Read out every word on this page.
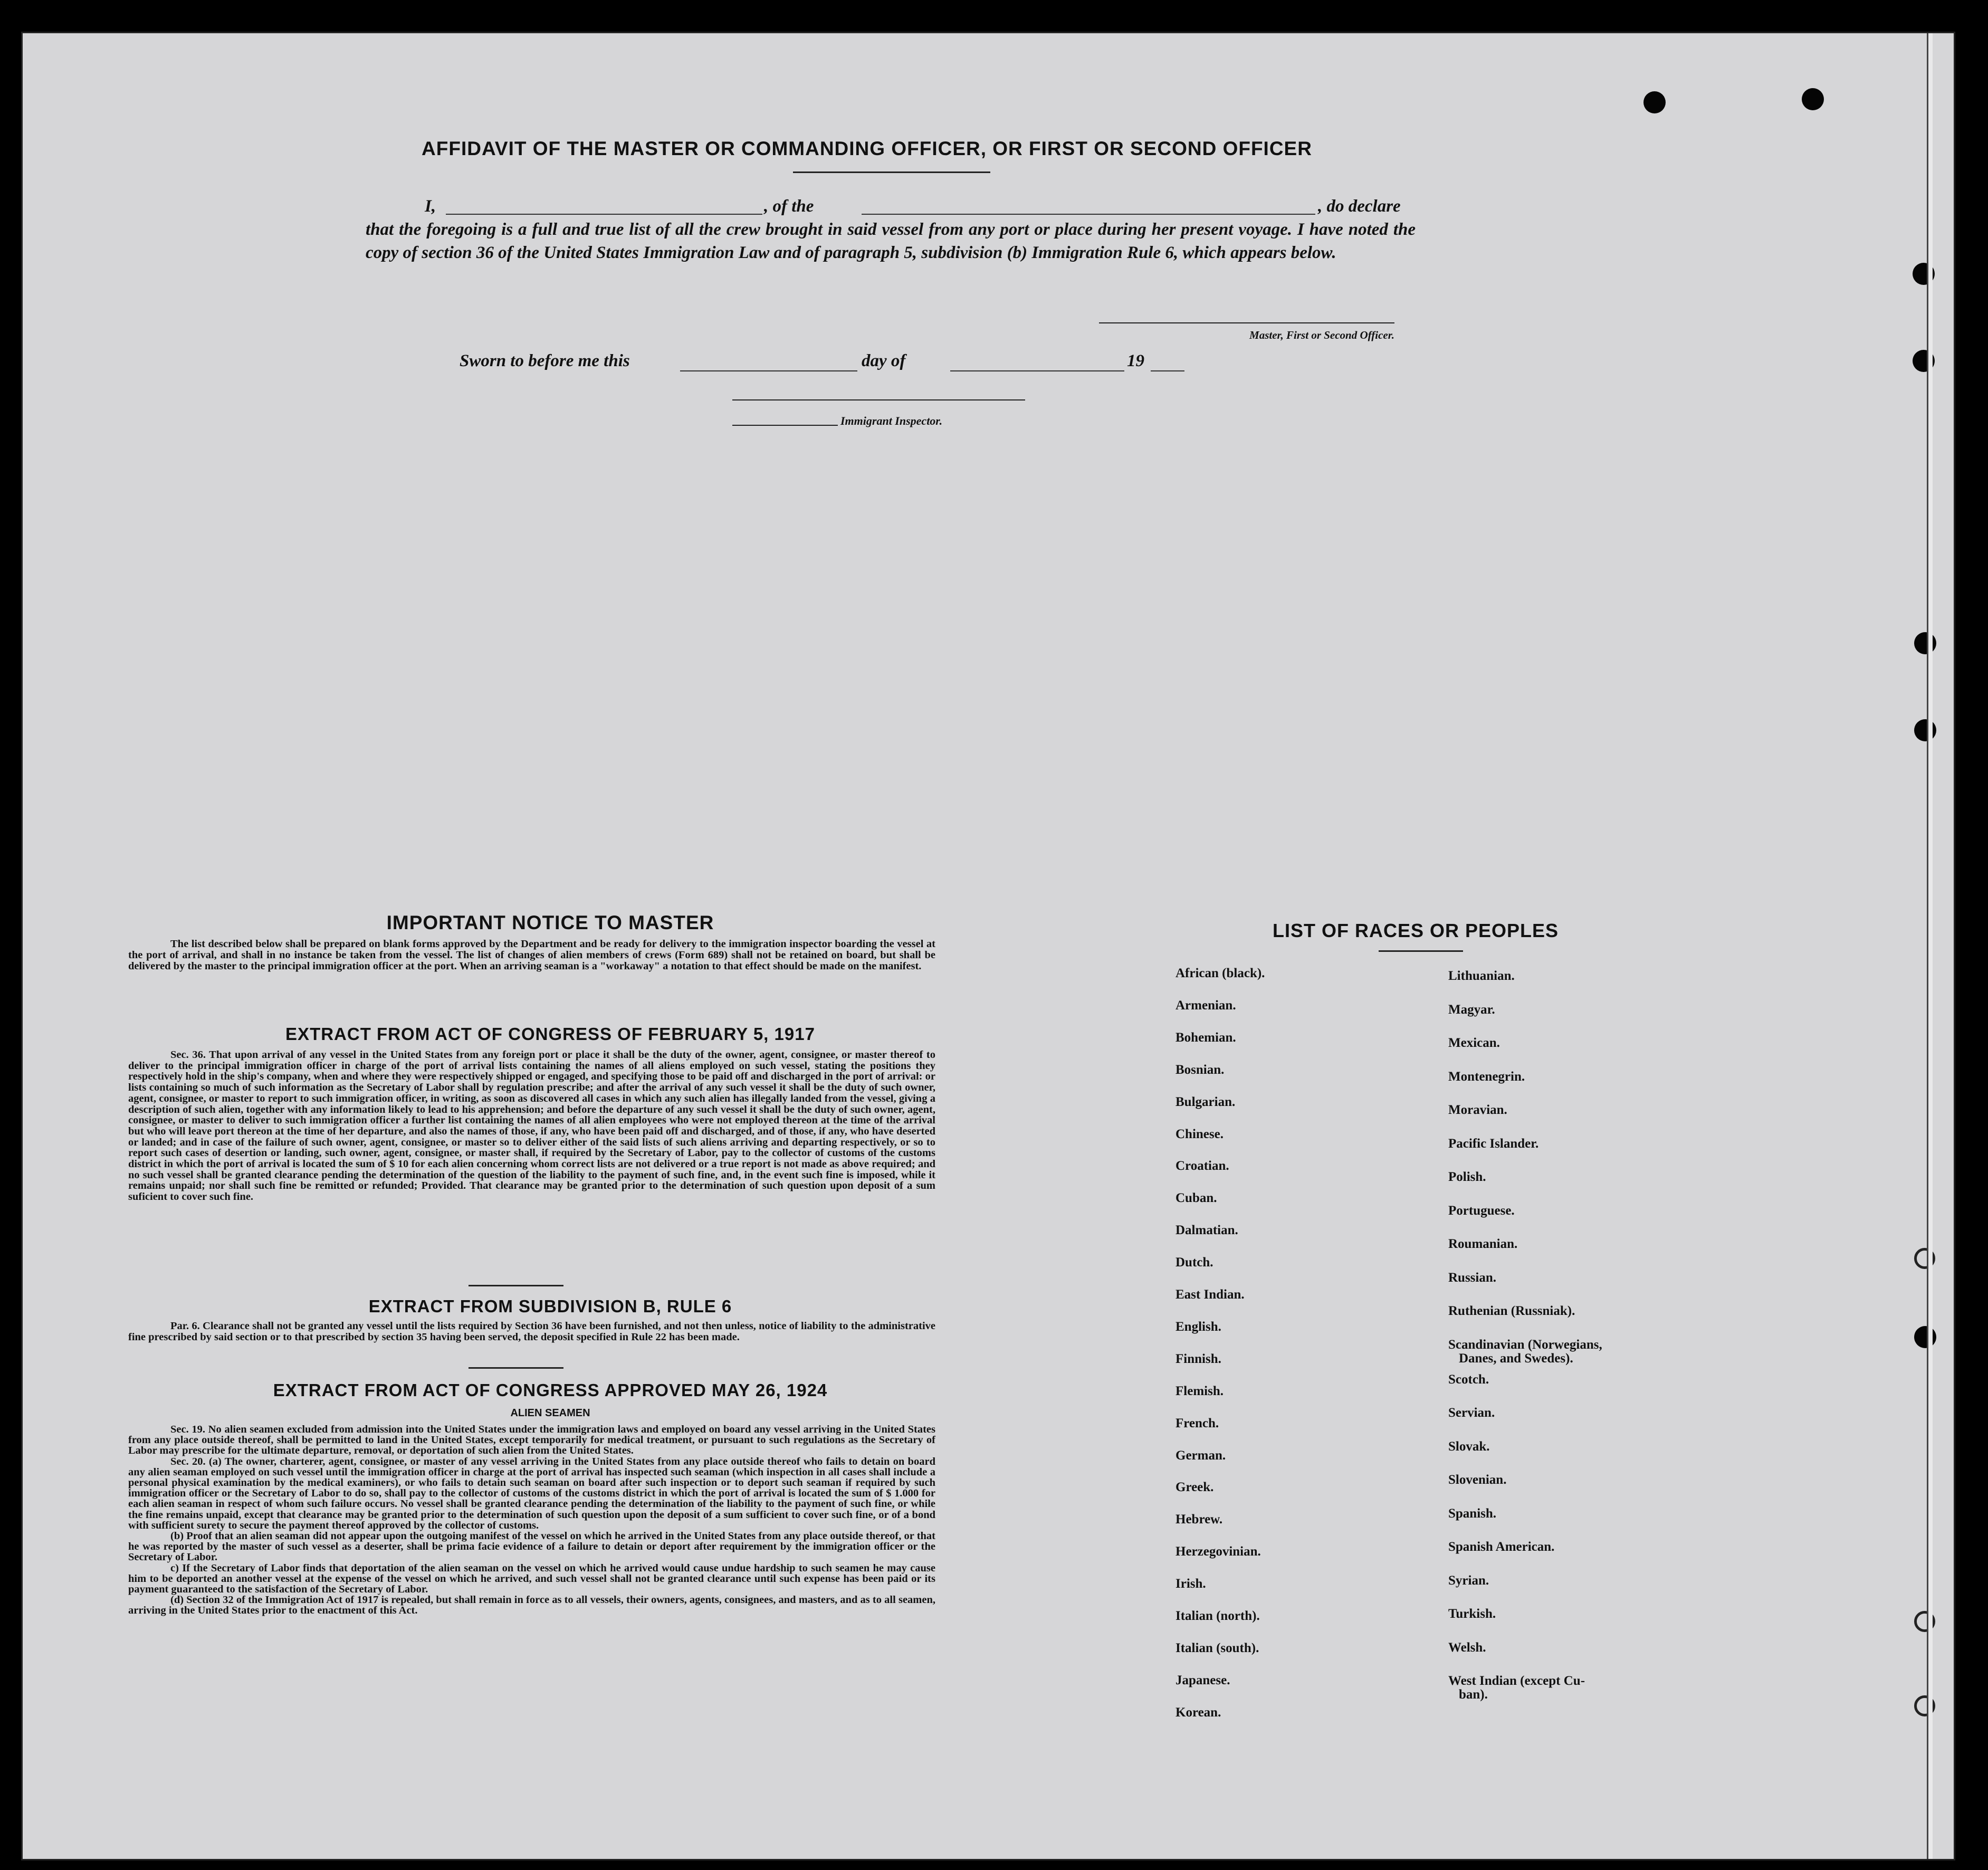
AFFIDAVIT OF THE MASTER OR COMMANDING OFFICER, OR FIRST OR SECOND OFFICER
I,	, of the	, do declare
that the foregoing is a full and true list of all the crew brought in said vessel from any port or place during her present voyage. I have noted the copy of section 36 of the United States Immigration Law and of paragraph 5, subdivision (b) Immigration Rule 6, which appears below.
Master, First or Second Officer.
Sworn to before me this	day of	19
Immigrant Inspector.
IMPORTANT NOTICE TO MASTER
The list described below shall be prepared on blank forms approved by the Department and be ready for delivery to the immigration inspector boarding the vessel at the port of arrival, and shall in no instance be taken from the vessel. The list of changes of alien members of crews (Form 689) shall not be retained on board, but shall be delivered by the master to the principal immigration officer at the port. When an arriving seaman is a "workaway" a notation to that effect should be made on the manifest.
EXTRACT FROM ACT OF CONGRESS OF FEBRUARY 5, 1917
Sec. 36. That upon arrival of any vessel in the United States from any foreign port or place it shall be the duty of the owner, agent, consignee, or master thereof to deliver to the principal immigration officer in charge of the port of arrival lists containing the names of all aliens employed on such vessel, stating the positions they respectively hold in the ship's company, when and where they were respectively shipped or engaged, and specifying those to be paid off and discharged in the port of arrival: or lists containing so much of such information as the Secretary of Labor shall by regulation prescribe; and after the arrival of any such vessel it shall be the duty of such owner, agent, consignee, or master to report to such immigration officer, in writing, as soon as discovered all cases in which any such alien has illegally landed from the vessel, giving a description of such alien, together with any information likely to lead to his apprehension; and before the departure of any such vessel it shall be the duty of such owner, agent, consignee, or master to deliver to such immigration officer a further list containing the names of all alien employees who were not employed thereon at the time of the arrival but who will leave port thereon at the time of her departure, and also the names of those, if any, who have been paid off and discharged, and of those, if any, who have deserted or landed; and in case of the failure of such owner, agent, consignee, or master so to deliver either of the said lists of such aliens arriving and departing respectively, or so to report such cases of desertion or landing, such owner, agent, consignee, or master shall, if required by the Secretary of Labor, pay to the collector of customs of the customs district in which the port of arrival is located the sum of $ 10 for each alien concerning whom correct lists are not delivered or a true report is not made as above required; and no such vessel shall be granted clearance pending the determination of the question of the liability to the payment of such fine, and, in the event such fine is imposed, while it remains unpaid; nor shall such fine be remitted or refunded; Provided. That clearance may be granted prior to the determination of such question upon deposit of a sum suficient to cover such fine.
EXTRACT FROM SUBDIVISION B, RULE 6
Par. 6. Clearance shall not be granted any vessel until the lists required by Section 36 have been furnished, and not then unless, notice of liability to the administrative fine prescribed by said section or to that prescribed by section 35 having been served, the deposit specified in Rule 22 has been made.
EXTRACT FROM ACT OF CONGRESS APPROVED MAY 26, 1924
ALIEN SEAMEN
Sec. 19. No alien seamen excluded from admission into the United States under the immigration laws and employed on board any vessel arriving in the United States from any place outside thereof, shall be permitted to land in the United States, except temporarily for medical treatment, or pursuant to such regulations as the Secretary of Labor may prescribe for the ultimate departure, removal, or deportation of such alien from the United States.
Sec. 20. (a) The owner, charterer, agent, consignee, or master of any vessel arriving in the United States from any place outside thereof who fails to detain on board any alien seaman employed on such vessel until the immigration officer in charge at the port of arrival has inspected such seaman (which inspection in all cases shall include a personal physical examination by the medical examiners), or who fails to detain such seaman on board after such inspection or to deport such seaman if required by such immigration officer or the Secretary of Labor to do so, shall pay to the collector of customs of the customs district in which the port of arrival is located the sum of $ 1.000 for each alien seaman in respect of whom such failure occurs. No vessel shall be granted clearance pending the determination of the liability to the payment of such fine, or while the fine remains unpaid, except that clearance may be granted prior to the determination of such question upon the deposit of a sum sufficient to cover such fine, or of a bond with sufficient surety to secure the payment thereof approved by the collector of customs.
(b) Proof that an alien seaman did not appear upon the outgoing manifest of the vessel on which he arrived in the United States from any place outside thereof, or that he was reported by the master of such vessel as a deserter, shall be prima facie evidence of a failure to detain or deport after requirement by the immigration officer or the Secretary of Labor.
c) If the Secretary of Labor finds that deportation of the alien seaman on the vessel on which he arrived would cause undue hardship to such seamen he may cause him to be deported an another vessel at the expense of the vessel on which he arrived, and such vessel shall not be granted clearance until such expense has been paid or its payment guaranteed to the satisfaction of the Secretary of Labor.
(d) Section 32 of the Immigration Act of 1917 is repealed, but shall remain in force as to all vessels, their owners, agents, consignees, and masters, and as to all seamen, arriving in the United States prior to the enactment of this Act.
LIST OF RACES OR PEOPLES
African (black).
Armenian.
Bohemian.
Bosnian.
Bulgarian.
Chinese.
Croatian.
Cuban.
Dalmatian.
Dutch.
East Indian.
English.
Finnish.
Flemish.
French.
German.
Greek.
Hebrew.
Herzegovinian.
Irish.
Italian (north).
Italian (south).
Japanese.
Korean.
Lithuanian.
Magyar.
Mexican.
Montenegrin.
Moravian.
Pacific Islander.
Polish.
Portuguese.
Roumanian.
Russian.
Ruthenian (Russniak).
Scandinavian (Norwegians,
Danes, and Swedes).
Scotch.
Servian.
Slovak.
Slovenian.
Spanish.
Spanish American.
Syrian.
Turkish.
Welsh.
West Indian (except Cu-
ban).
